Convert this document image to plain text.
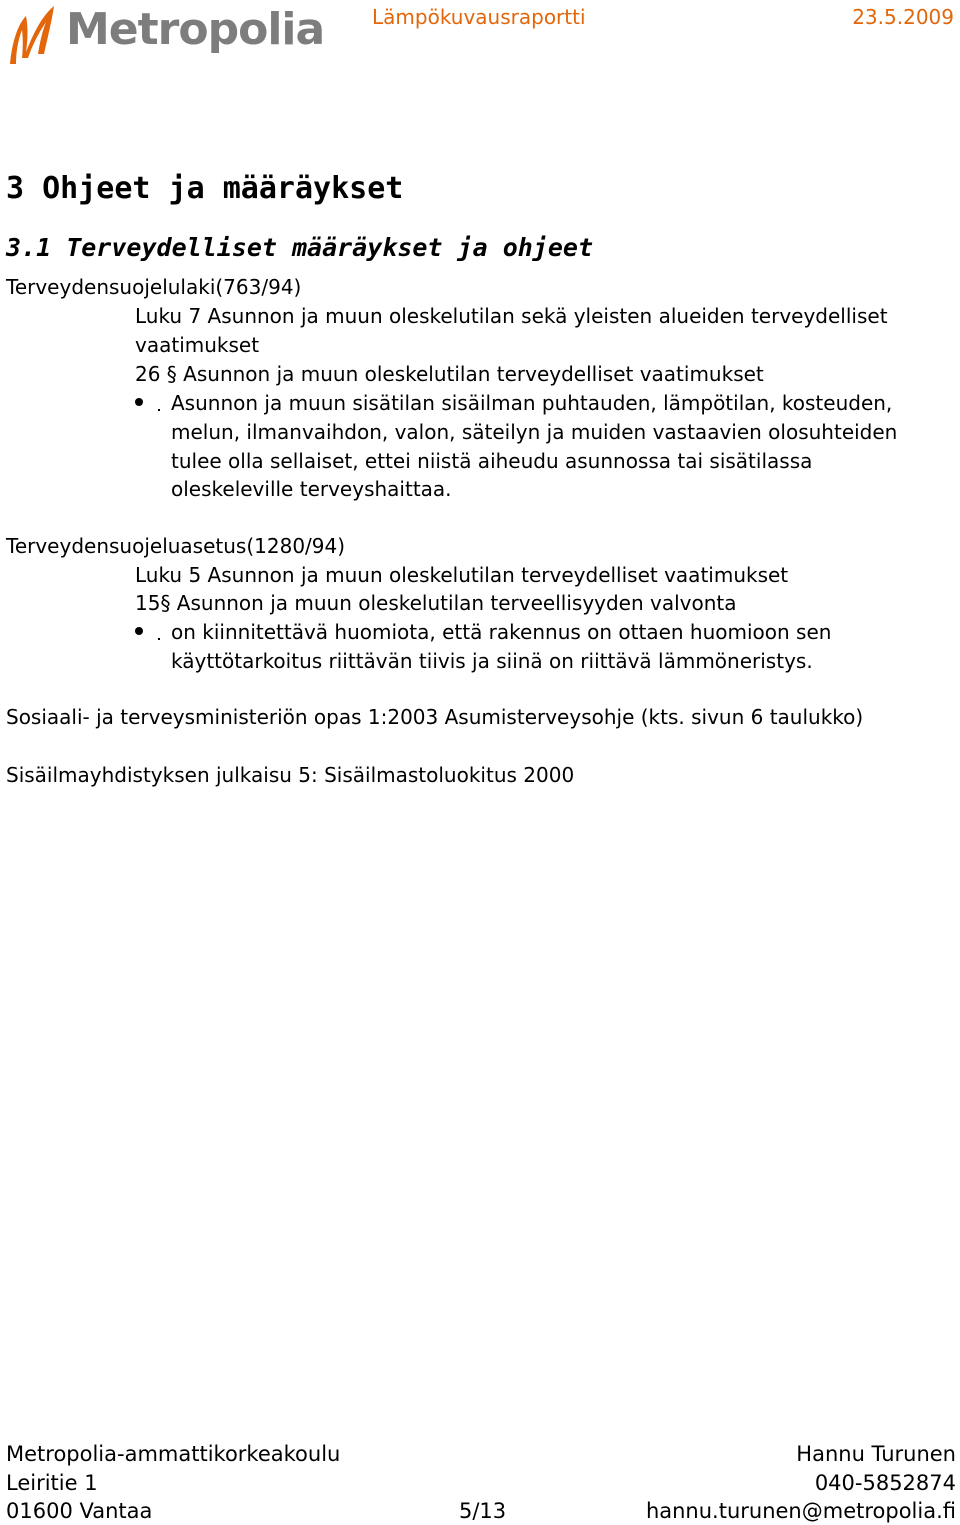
Metropolia Lämpökuvausraportti	23.5.2009
3 Ohjeet ja määräykset
3.1 Terveydelliset määräykset ja ohjeet
Terveydensuojelulaki(763/94)
Luku 7 Asunnon ja muun oleskelutilan sekä yleisten alueiden terveydelliset
vaatimukset
26 § Asunnon ja muun oleskelutilan terveydelliset vaatimukset
Asunnon ja muun sisätilan sisäilman puhtauden, lämpötilan, kosteuden,
melun, ilmanvaihdon, valon, säteilyn ja muiden vastaavien olosuhteiden
tulee olla sellaiset, ettei niistä aiheudu asunnossa tai sisätilassa
oleskeleville terveyshaittaa.
Terveydensuojeluasetus(1280/94)
Luku 5 Asunnon ja muun oleskelutilan terveydelliset vaatimukset
15§ Asunnon ja muun oleskelutilan terveellisyyden valvonta
on kiinnitettävä huomiota, että rakennus on ottaen huomioon sen
käyttötarkoitus riittävän tiivis ja siinä on riittävä lämmöneristys.
Sosiaali- ja terveysministeriön opas 1:2003 Asumisterveysohje (kts. sivun 6 taulukko)
Sisäilmayhdistyksen julkaisu 5: Sisäilmastoluokitus 2000
Metropolia-ammattikorkeakoulu
Leiritie 1
01600 Vantaa	5/13
Hannu Turunen
040-5852874
hannu.turunen@metropolia.fi
